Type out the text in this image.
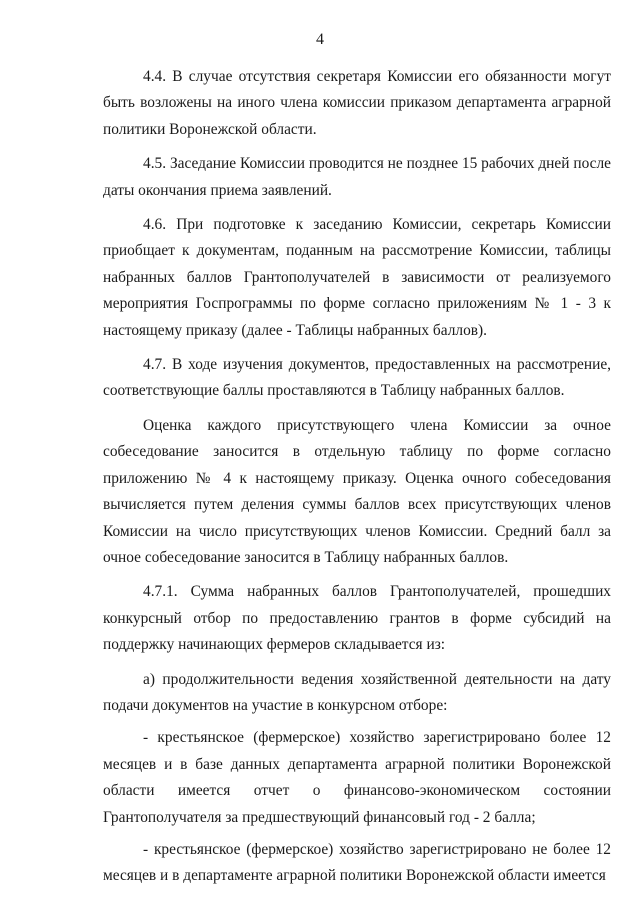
4

4.4. В случае отсутствия секретаря Комиссии его обязанности могут быть возложены на иного члена комиссии приказом департамента аграрной политики Воронежской области.

4.5. Заседание Комиссии проводится не позднее 15 рабочих дней после даты окончания приема заявлений.

4.6. При подготовке к заседанию Комиссии, секретарь Комиссии приобщает к документам, поданным на рассмотрение Комиссии, таблицы набранных баллов Грантополучателей в зависимости от реализуемого мероприятия Госпрограммы по форме согласно приложениям № 1 - 3 к настоящему приказу (далее - Таблицы набранных баллов).

4.7. В ходе изучения документов, предоставленных на рассмотрение, соответствующие баллы проставляются в Таблицу набранных баллов.

Оценка каждого присутствующего члена Комиссии за очное собеседование заносится в отдельную таблицу по форме согласно приложению № 4 к настоящему приказу. Оценка очного собеседования вычисляется путем деления суммы баллов всех присутствующих членов Комиссии на число присутствующих членов Комиссии. Средний балл за очное собеседование заносится в Таблицу набранных баллов.

4.7.1. Сумма набранных баллов Грантополучателей, прошедших конкурсный отбор по предоставлению грантов в форме субсидий на поддержку начинающих фермеров складывается из:

а) продолжительности ведения хозяйственной деятельности на дату подачи документов на участие в конкурсном отборе:

- крестьянское (фермерское) хозяйство зарегистрировано более 12 месяцев и в базе данных департамента аграрной политики Воронежской области имеется отчет о финансово-экономическом состоянии Грантополучателя за предшествующий финансовый год - 2 балла;

- крестьянское (фермерское) хозяйство зарегистрировано не более 12 месяцев и в департаменте аграрной политики Воронежской области имеется
